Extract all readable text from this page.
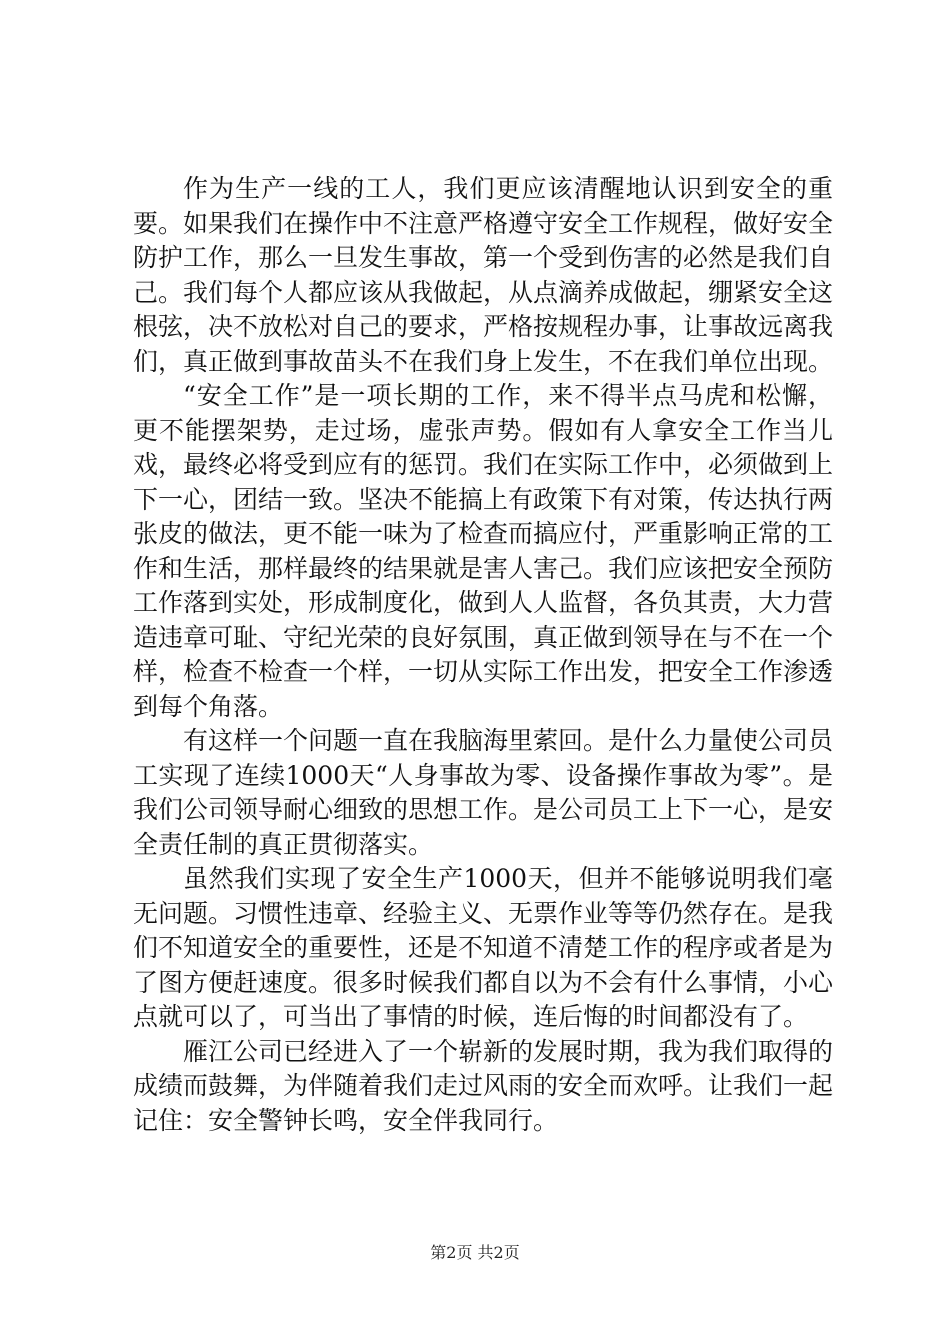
作为生产一线的工人，我们更应该清醒地认识到安全的重要。如果我们在操作中不注意严格遵守安全工作规程，做好安全防护工作，那么一旦发生事故，第一个受到伤害的必然是我们自己。我们每个人都应该从我做起，从点滴养成做起，绷紧安全这根弦，决不放松对自己的要求，严格按规程办事，让事故远离我们，真正做到事故苗头不在我们身上发生，不在我们单位出现。

“安全工作”是一项长期的工作，来不得半点马虎和松懈，更不能摆架势，走过场，虚张声势。假如有人拿安全工作当儿戏，最终必将受到应有的惩罚。我们在实际工作中，必须做到上下一心，团结一致。坚决不能搞上有政策下有对策，传达执行两张皮的做法，更不能一味为了检查而搞应付，严重影响正常的工作和生活，那样最终的结果就是害人害己。我们应该把安全预防工作落到实处，形成制度化，做到人人监督，各负其责，大力营造违章可耻、守纪光荣的良好氛围，真正做到领导在与不在一个样，检查不检查一个样，一切从实际工作出发，把安全工作渗透到每个角落。

有这样一个问题一直在我脑海里萦回。是什么力量使公司员工实现了连续1000天“人身事故为零、设备操作事故为零”。是我们公司领导耐心细致的思想工作。是公司员工上下一心，是安全责任制的真正贯彻落实。

虽然我们实现了安全生产1000天，但并不能够说明我们毫无问题。习惯性违章、经验主义、无票作业等等仍然存在。是我们不知道安全的重要性，还是不知道不清楚工作的程序或者是为了图方便赶速度。很多时候我们都自以为不会有什么事情，小心点就可以了，可当出了事情的时候，连后悔的时间都没有了。

雁江公司已经进入了一个崭新的发展时期，我为我们取得的成绩而鼓舞，为伴随着我们走过风雨的安全而欢呼。让我们一起记住：安全警钟长鸣，安全伴我同行。

第2页 共2页
